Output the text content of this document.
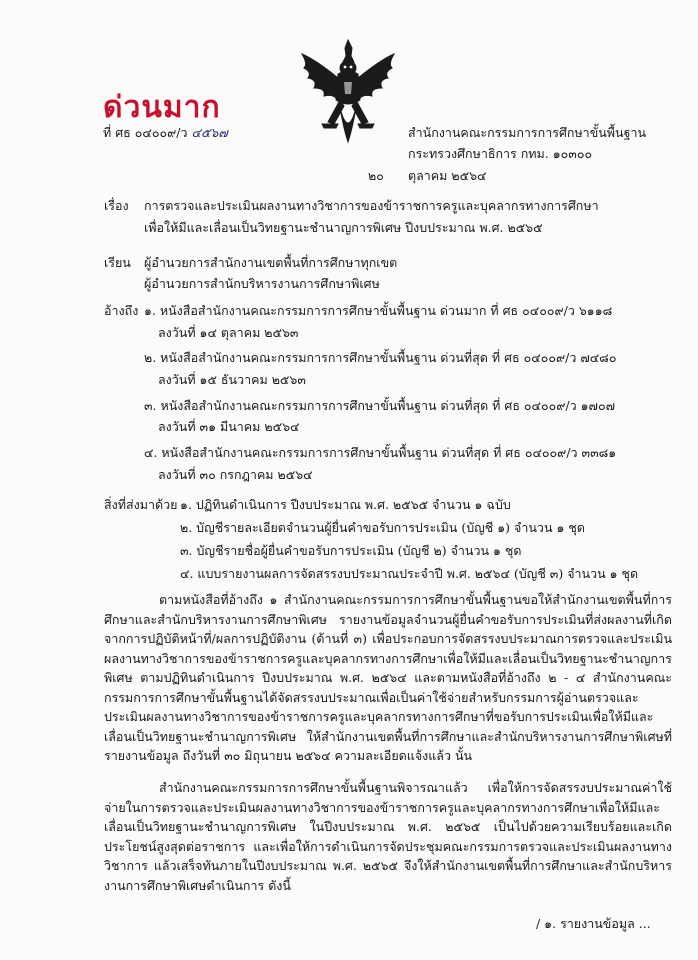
ด่วนมาก
ที่ ศธ ๐๔๐๐๙/ว ๔๕๖๗	สำนักงานคณะกรรมการการศึกษาขั้นพื้นฐาน
กระทรวงศึกษาธิการ กทม. ๑๐๓๐๐
๒๐ ตุลาคม ๒๕๖๔
เรื่อง การตรวจและประเมินผลงานทางวิชาการของข้าราชการครูและบุคลากรทางการศึกษา
เพื่อให้มีและเลื่อนเป็นวิทยฐานะชำนาญการพิเศษ ปีงบประมาณ พ.ศ. ๒๕๖๕
เรียน ผู้อำนวยการสำนักงานเขตพื้นที่การศึกษาทุกเขต
ผู้อำนวยการสำนักบริหารงานการศึกษาพิเศษ
อ้างถึง ๑. หนังสือสำนักงานคณะกรรมการการศึกษาขั้นพื้นฐาน ด่วนมาก ที่ ศธ ๐๔๐๐๙/ว ๖๑๑๘
ลงวันที่ ๑๔ ตุลาคม ๒๕๖๓
๒. หนังสือสำนักงานคณะกรรมการการศึกษาขั้นพื้นฐาน ด่วนที่สุด ที่ ศธ ๐๔๐๐๙/ว ๗๔๘๐
ลงวันที่ ๑๕ ธันวาคม ๒๕๖๓
๓. หนังสือสำนักงานคณะกรรมการการศึกษาขั้นพื้นฐาน ด่วนที่สุด ที่ ศธ ๐๔๐๐๙/ว ๑๗๐๗
ลงวันที่ ๓๑ มีนาคม ๒๕๖๔
๔. หนังสือสำนักงานคณะกรรมการการศึกษาขั้นพื้นฐาน ด่วนที่สุด ที่ ศธ ๐๔๐๐๙/ว ๓๓๘๑
ลงวันที่ ๓๐ กรกฎาคม ๒๕๖๔
สิ่งที่ส่งมาด้วย ๑. ปฏิทินดำเนินการ ปีงบประมาณ พ.ศ. ๒๕๖๕ จำนวน ๑ ฉบับ
๒. บัญชีรายละเอียดจำนวนผู้ยื่นคำขอรับการประเมิน (บัญชี ๑) จำนวน ๑ ชุด
๓. บัญชีรายชื่อผู้ยื่นคำขอรับการประเมิน (บัญชี ๒) จำนวน ๑ ชุด
๔. แบบรายงานผลการจัดสรรงบประมาณประจำปี พ.ศ. ๒๕๖๔ (บัญชี ๓) จำนวน ๑ ชุด
ตามหนังสือที่อ้างถึง ๑ สำนักงานคณะกรรมการการศึกษาขั้นพื้นฐานขอให้สำนักงานเขตพื้นที่การศึกษาและสำนักบริหารงานการศึกษาพิเศษ รายงานข้อมูลจำนวนผู้ยื่นคำขอรับการประเมินที่ส่งผลงานที่เกิดจากการปฏิบัติหน้าที่/ผลการปฏิบัติงาน (ด้านที่ ๓) เพื่อประกอบการจัดสรรงบประมาณการตรวจและประเมินผลงานทางวิชาการของข้าราชการครูและบุคลากรทางการศึกษาเพื่อให้มีและเลื่อนเป็นวิทยฐานะชำนาญการพิเศษ ตามปฏิทินดำเนินการ ปีงบประมาณ พ.ศ. ๒๕๖๔ และตามหนังสือที่อ้างถึง ๒ - ๔ สำนักงานคณะกรรมการการศึกษาขั้นพื้นฐานได้จัดสรรงบประมาณเพื่อเป็นค่าใช้จ่ายสำหรับกรรมการผู้อ่านตรวจและประเมินผลงานทางวิชาการของข้าราชการครูและบุคลากรทางการศึกษาที่ขอรับการประเมินเพื่อให้มีและเลื่อนเป็นวิทยฐานะชำนาญการพิเศษ ให้สำนักงานเขตพื้นที่การศึกษาและสำนักบริหารงานการศึกษาพิเศษที่รายงานข้อมูล ถึงวันที่ ๓๐ มิถุนายน ๒๕๖๔ ความละเอียดแจ้งแล้ว นั้น
สำนักงานคณะกรรมการการศึกษาขั้นพื้นฐานพิจารณาแล้ว เพื่อให้การจัดสรรงบประมาณค่าใช้จ่ายในการตรวจและประเมินผลงานทางวิชาการของข้าราชการครูและบุคลากรทางการศึกษาเพื่อให้มีและเลื่อนเป็นวิทยฐานะชำนาญการพิเศษ ในปีงบประมาณ พ.ศ. ๒๕๖๕ เป็นไปด้วยความเรียบร้อยและเกิดประโยชน์สูงสุดต่อราชการ และเพื่อให้การดำเนินการจัดประชุมคณะกรรมการตรวจและประเมินผลงานทางวิชาการ แล้วเสร็จทันภายในปีงบประมาณ พ.ศ. ๒๕๖๕ จึงให้สำนักงานเขตพื้นที่การศึกษาและสำนักบริหารงานการศึกษาพิเศษดำเนินการ ดังนี้
/ ๑. รายงานข้อมูล ...
